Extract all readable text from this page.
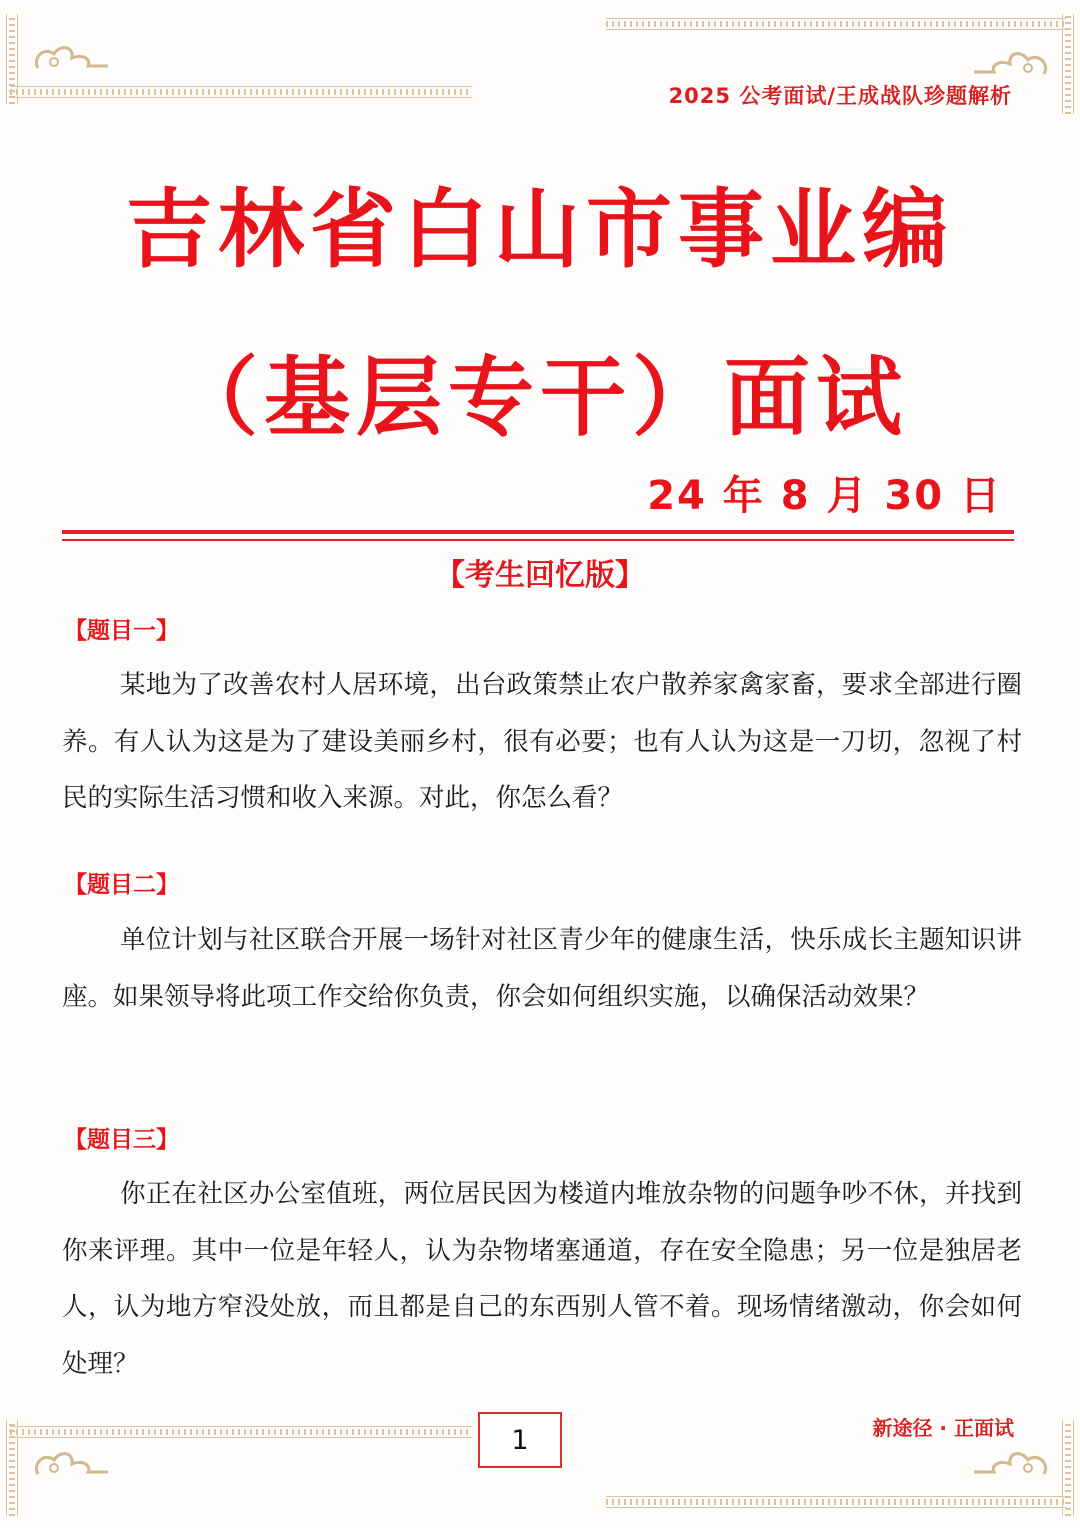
2025 公考面试/王成战队珍题解析
吉林省白山市事业编
（基层专干）面试
24 年 8 月 30 日
【考生回忆版】
【题目一】

某地为了改善农村人居环境，出台政策禁止农户散养家禽家畜，要求全部进行圈养。有人认为这是为了建设美丽乡村，很有必要；也有人认为这是一刀切，忽视了村民的实际生活习惯和收入来源。对此，你怎么看？

【题目二】

单位计划与社区联合开展一场针对社区青少年的健康生活，快乐成长主题知识讲座。如果领导将此项工作交给你负责，你会如何组织实施，以确保活动效果？

【题目三】

你正在社区办公室值班，两位居民因为楼道内堆放杂物的问题争吵不休，并找到你来评理。其中一位是年轻人，认为杂物堵塞通道，存在安全隐患；另一位是独居老人，认为地方窄没处放，而且都是自己的东西别人管不着。现场情绪激动，你会如何处理？

1	新途径 · 正面试
